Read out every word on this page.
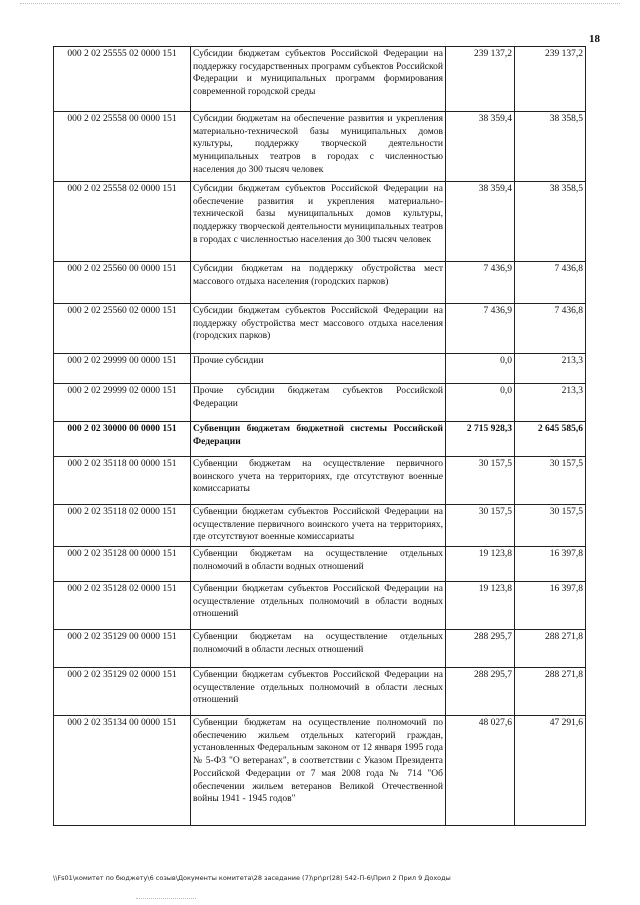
18
000 2 02 25555 02 0000 151	Субсидии бюджетам субъектов Российской Федерации на поддержку государственных программ субъектов Российской Федерации и муниципальных программ формирования современной городской среды	239 137,2	239 137,2
000 2 02 25558 00 0000 151	Субсидии бюджетам на обеспечение развития и укрепления материально-технической базы муниципальных домов культуры, поддержку творческой деятельности муниципальных театров в городах с численностью населения до 300 тысяч человек	38 359,4	38 358,5
000 2 02 25558 02 0000 151	Субсидии бюджетам субъектов Российской Федерации на обеспечение развития и укрепления материально-технической базы муниципальных домов культуры, поддержку творческой деятельности муниципальных театров в городах с численностью населения до 300 тысяч человек	38 359,4	38 358,5
000 2 02 25560 00 0000 151	Субсидии бюджетам на поддержку обустройства мест массового отдыха населения (городских парков)	7 436,9	7 436,8
000 2 02 25560 02 0000 151	Субсидии бюджетам субъектов Российской Федерации на поддержку обустройства мест массового отдыха населения (городских парков)	7 436,9	7 436,8
000 2 02 29999 00 0000 151	Прочие субсидии	0,0	213,3
000 2 02 29999 02 0000 151	Прочие субсидии бюджетам субъектов Российской Федерации	0,0	213,3
000 2 02 30000 00 0000 151	Субвенции бюджетам бюджетной системы Российской Федерации	2 715 928,3	2 645 585,6
000 2 02 35118 00 0000 151	Субвенции бюджетам на осуществление первичного воинского учета на территориях, где отсутствуют военные комиссариаты	30 157,5	30 157,5
000 2 02 35118 02 0000 151	Субвенции бюджетам субъектов Российской Федерации на осуществление первичного воинского учета на территориях, где отсутствуют военные комиссариаты	30 157,5	30 157,5
000 2 02 35128 00 0000 151	Субвенции бюджетам на осуществление отдельных полномочий в области водных отношений	19 123,8	16 397,8
000 2 02 35128 02 0000 151	Субвенции бюджетам субъектов Российской Федерации на осуществление отдельных полномочий в области водных отношений	19 123,8	16 397,8
000 2 02 35129 00 0000 151	Субвенции бюджетам на осуществление отдельных полномочий в области лесных отношений	288 295,7	288 271,8
000 2 02 35129 02 0000 151	Субвенции бюджетам субъектов Российской Федерации на осуществление отдельных полномочий в области лесных отношений	288 295,7	288 271,8
000 2 02 35134 00 0000 151	Субвенции бюджетам на осуществление полномочий по обеспечению жильем отдельных категорий граждан, установленных Федеральным законом от 12 января 1995 года № 5-ФЗ "О ветеранах", в соответствии с Указом Президента Российской Федерации от 7 мая 2008 года № 714 "Об обеспечении жильем ветеранов Великой Отечественной войны 1941 - 1945 годов"	48 027,6	47 291,6
\\Fs01\комитет по бюджету\6 созыв\Документы комитета\28 заседание (7)\pr\pr(28) 542-П-6\Прил 2 Прил 9 Доходы
